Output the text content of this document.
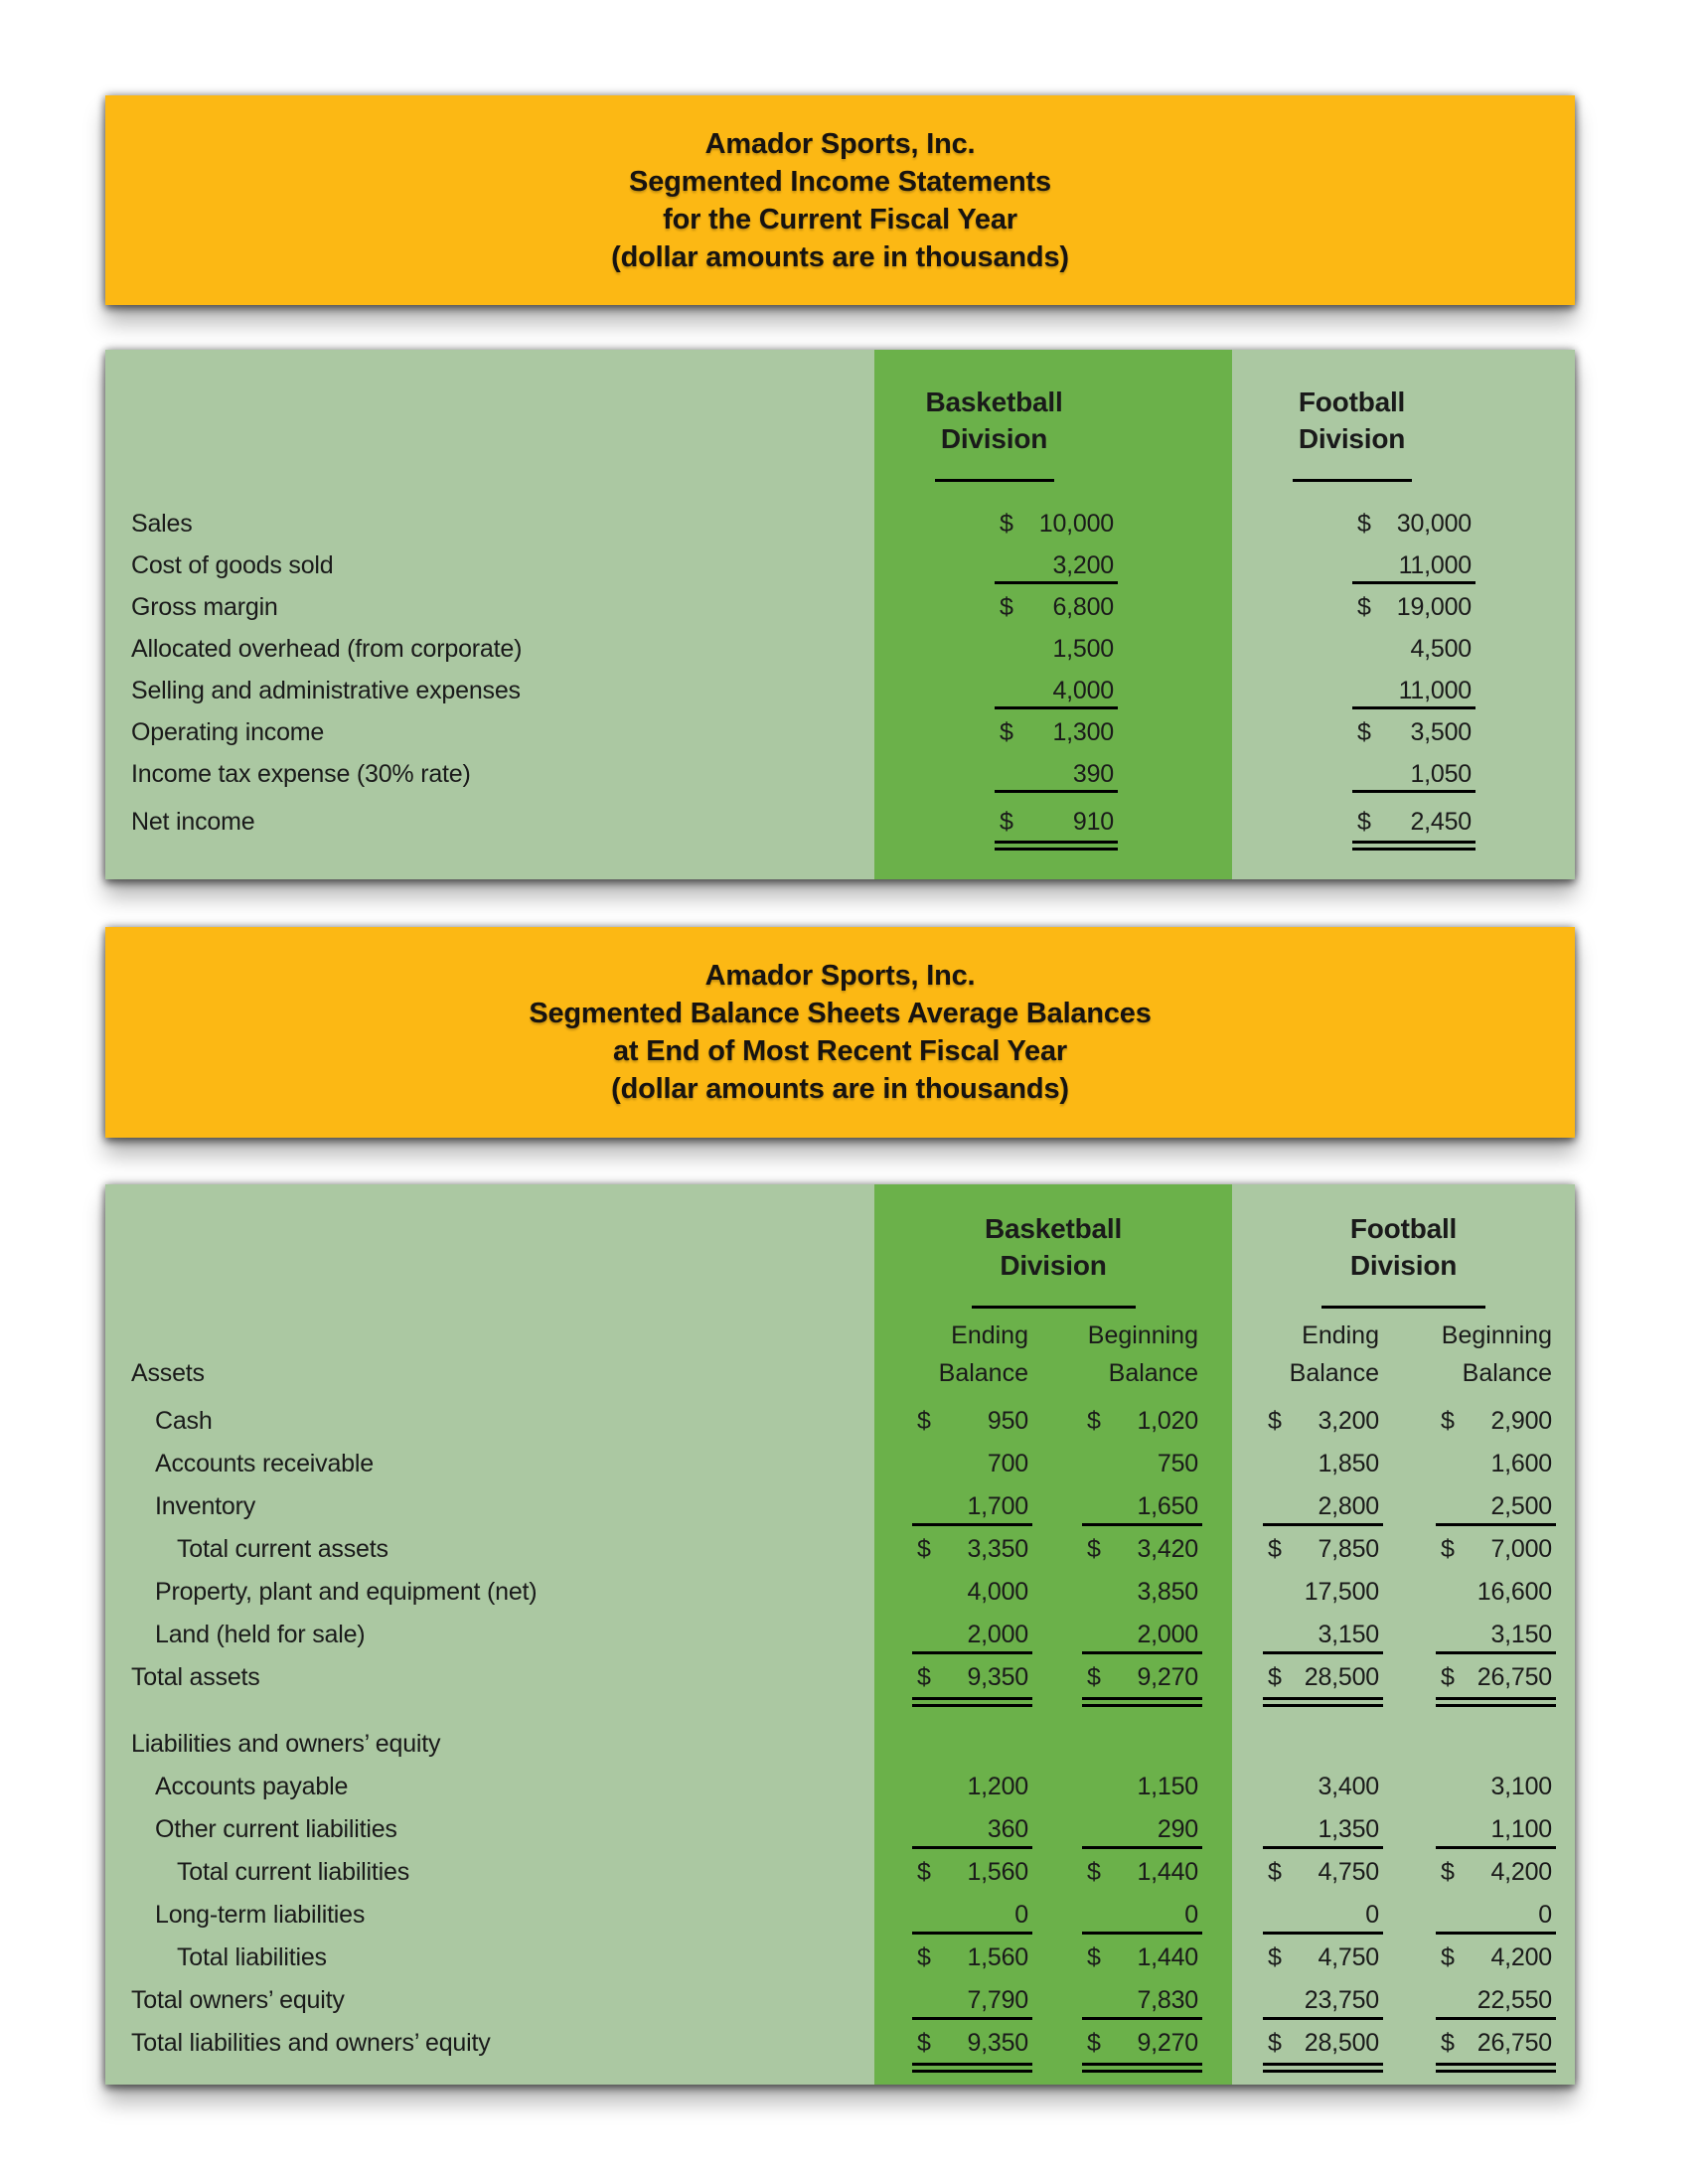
Amador Sports, Inc.
Segmented Income Statements
for the Current Fiscal Year
(dollar amounts are in thousands)
Basketball
Division
Football
Division
Sales	$ 10,000	$ 30,000
Cost of goods sold	3,200	11,000
Gross margin	$ 6,800	$ 19,000
Allocated overhead (from corporate)	1,500	4,500
Selling and administrative expenses	4,000	11,000
Operating income	$ 1,300	$ 3,500
Income tax expense (30% rate)	390	1,050
Net income	$ 910	$ 2,450
Amador Sports, Inc.
Segmented Balance Sheets Average Balances
at End of Most Recent Fiscal Year
(dollar amounts are in thousands)
Basketball
Division
Football
Division
Assets
Ending
Balance
Beginning
Balance
Ending
Balance
Beginning
Balance
Cash	$ 950 $ 1,020	$ 3,200 $ 2,900
Accounts receivable	700	750	1,850	1,600
Inventory	1,700	1,650	2,800	2,500
Total current assets	$ 3,350 $ 3,420	$ 7,850 $ 7,000
Property, plant and equipment (net)	4,000	3,850	17,500	16,600
Land (held for sale)	2,000	2,000	3,150	3,150
Total assets	$ 9,350 $ 9,270	$ 28,500 $ 26,750
Liabilities and owners’ equity
Accounts payable	1,200	1,150	3,400	3,100
Other current liabilities	360	290	1,350	1,100
Total current liabilities	$ 1,560 $ 1,440	$ 4,750 $ 4,200
Long-term liabilities	0	0	0	0
Total liabilities	$ 1,560 $ 1,440	$ 4,750 $ 4,200
Total owners’ equity	7,790	7,830	23,750	22,550
Total liabilities and owners’ equity	$ 9,350 $ 9,270	$ 28,500 $ 26,750
